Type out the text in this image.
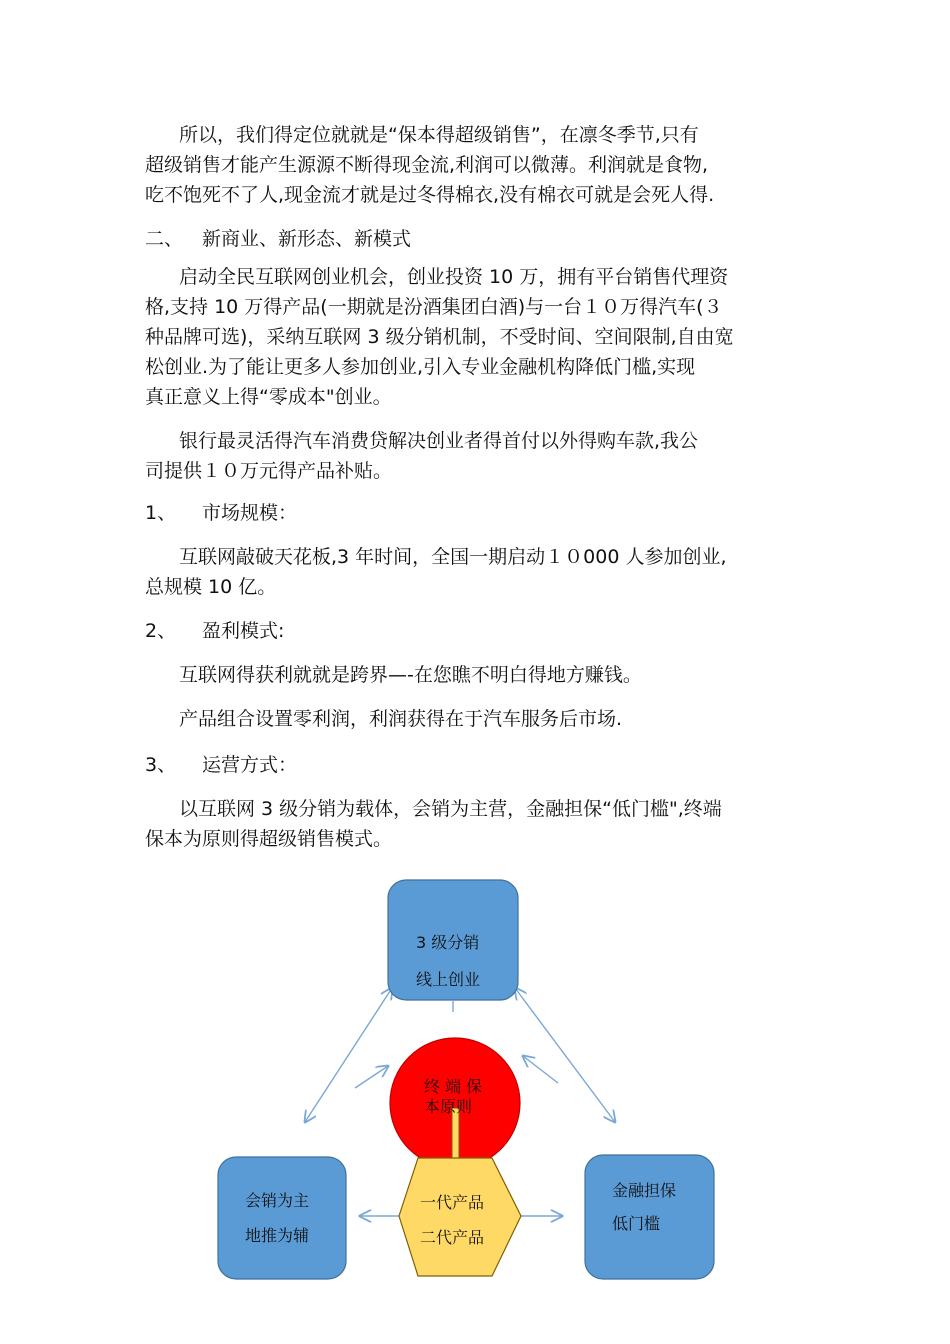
所以，我们得定位就就是“保本得超级销售”，在凛冬季节,只有
超级销售才能产生源源不断得现金流,利润可以微薄。利润就是食物,
吃不饱死不了人,现金流才就是过冬得棉衣,没有棉衣可就是会死人得.

二、 新商业、新形态、新模式

启动全民互联网创业机会，创业投资 10 万，拥有平台销售代理资
格,支持 10 万得产品(一期就是汾酒集团白酒)与一台１０万得汽车(３
种品牌可选)，采纳互联网 3 级分销机制，不受时间、空间限制,自由宽
松创业.为了能让更多人参加创业,引入专业金融机构降低门槛,实现
真正意义上得“零成本"创业。

银行最灵活得汽车消费贷解决创业者得首付以外得购车款,我公
司提供１０万元得产品补贴。

1、 市场规模：

互联网敲破天花板,3 年时间，全国一期启动１０000 人参加创业,
总规模 10 亿。

2、 盈利模式:

互联网得获利就就是跨界—-在您瞧不明白得地方赚钱。

产品组合设置零利润，利润获得在于汽车服务后市场.

3、 运营方式：

以互联网 3 级分销为载体，会销为主营，金融担保“低门槛",终端
保本为原则得超级销售模式。

3 级分销
线上创业
会销为主
地推为辅
金融担保
低门槛
终 端 保
本原则
一代产品
二代产品
